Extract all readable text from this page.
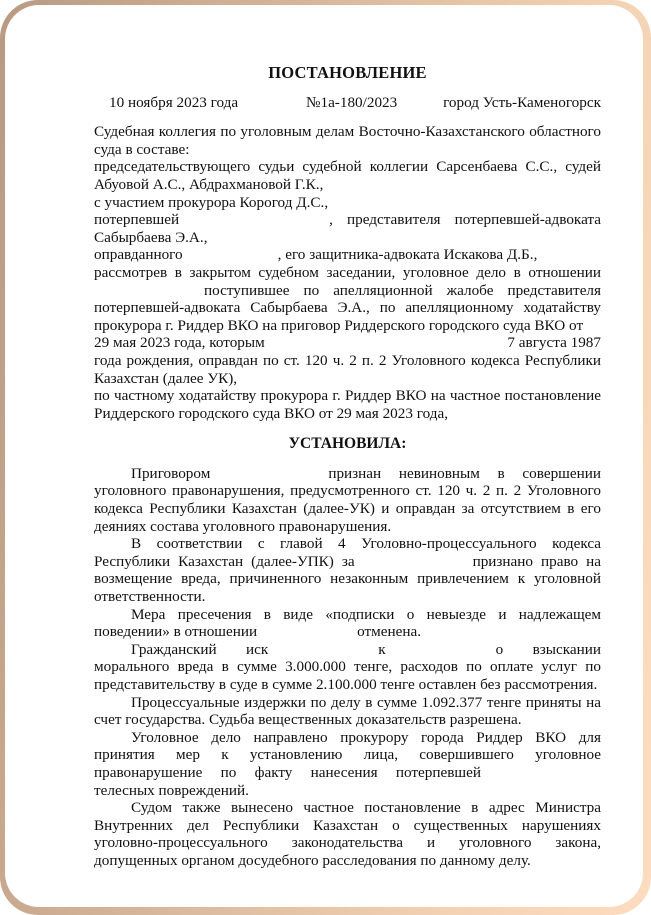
ПОСТАНОВЛЕНИЕ
10 ноября 2023 года	№1а-180/2023	город Усть-Каменогорск

Судебная коллегия по уголовным делам Восточно-Казахстанского областного суда в составе:

председательствующего судьи судебной коллегии Сарсенбаева С.С., судей Абуовой А.С., Абдрахмановой Г.К.,

с участием прокурора Корогод Д.С.,

потерпевшей	, представителя потерпевшей-адвоката

Сабырбаева Э.А.,

оправданного	, его защитника-адвоката Искакова Д.Б.,

рассмотрев в закрытом судебном заседании, уголовное дело в отношении

поступившее по апелляционной жалобе представителя

потерпевшей-адвоката Сабырбаева Э.А., по апелляционному ходатайству прокурора г. Риддер ВКО на приговор Риддерского городского суда ВКО от

29 мая 2023 года, которым	7 августа 1987

года рождения, оправдан по ст. 120 ч. 2 п. 2 Уголовного кодекса Республики Казахстан (далее УК),

по частному ходатайству прокурора г. Риддер ВКО на частное постановление Риддерского городского суда ВКО от 29 мая 2023 года,

УСТАНОВИЛА:

Приговором	признан невиновным в совершении уголовного правонарушения, предусмотренного ст. 120 ч. 2 п. 2 Уголовного кодекса Республики Казахстан (далее-УК) и оправдан за отсутствием в его деяниях состава уголовного правонарушения.

В соответствии с главой 4 Уголовно-процессуального кодекса Республики Казахстан (далее-УПК) за	признано право на возмещение вреда, причиненного незаконным привлечением к уголовной ответственности.

Мера пресечения в виде «подписки о невыезде и надлежащем поведении» в отношении	отменена.

Гражданский иск	к	о взыскании морального вреда в сумме 3.000.000 тенге, расходов по оплате услуг по представительству в суде в сумме 2.100.000 тенге оставлен без рассмотрения.

Процессуальные издержки по делу в сумме 1.092.377 тенге приняты на счет государства. Судьба вещественных доказательств разрешена.

Уголовное дело направлено прокурору города Риддер ВКО для принятия мер к установлению лица, совершившего уголовное правонарушение по факту нанесения потерпевшей телесных повреждений.

Судом также вынесено частное постановление в адрес Министра Внутренних дел Республики Казахстан о существенных нарушениях уголовно-процессуального законодательства и уголовного закона, допущенных органом досудебного расследования по данному делу.
